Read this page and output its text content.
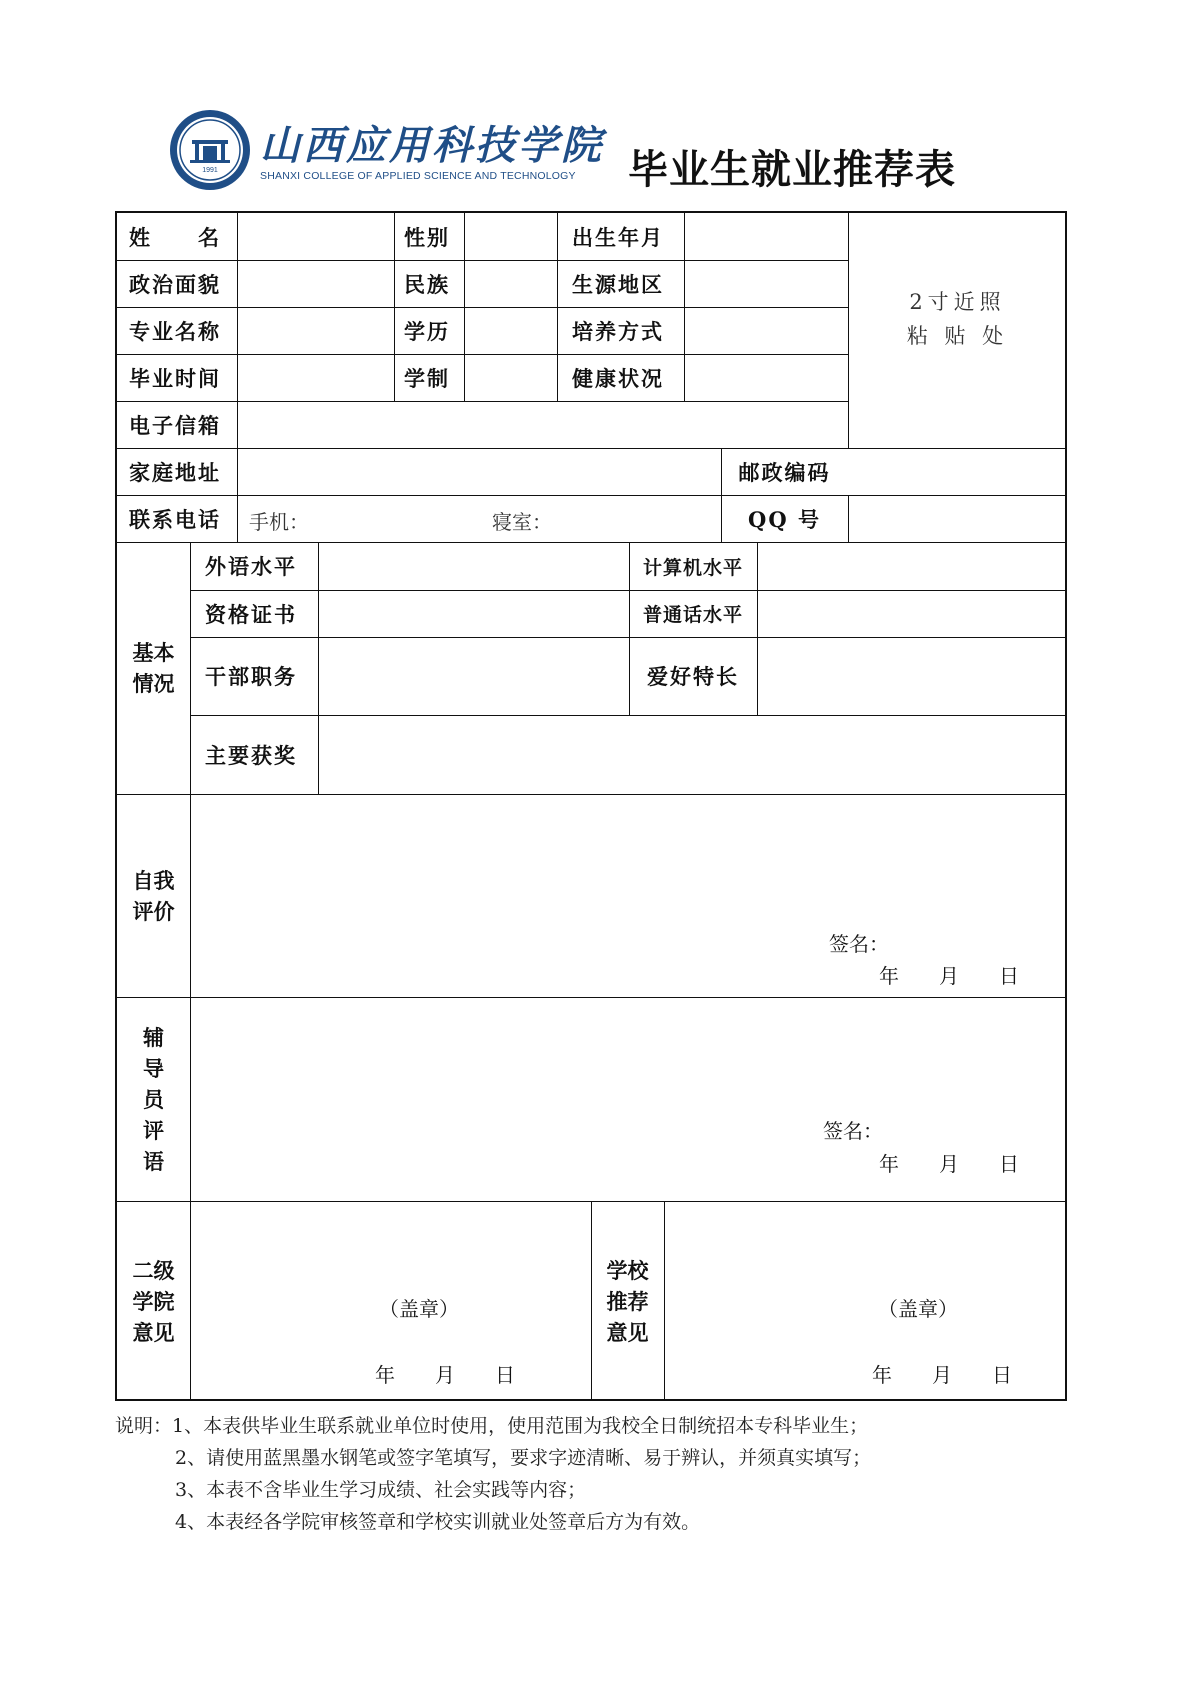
1991
山西应用科技学院
SHANXI COLLEGE OF APPLIED SCIENCE AND TECHNOLOGY 毕业生就业推荐表
姓　　名	性别	出生年月
政治面貌	民族	生源地区
专业名称	学历	培养方式
毕业时间	学制	健康状况
2寸近照
粘 贴 处
电子信箱
家庭地址	邮政编码
联系电话 手机：	寝室：	QQ 号
基本
情况
外语水平	计算机水平
资格证书	普通话水平
干部职务	爱好特长
主要获奖
自我
评价
签名：
年　　月　　日
辅
导
员
评
语
签名：
年　　月　　日
二级
学院
意见
（盖章）
年　　月　　日
学校
推荐
意见
（盖章）
年　　月　　日
说明：1、本表供毕业生联系就业单位时使用，使用范围为我校全日制统招本专科毕业生；
2、请使用蓝黑墨水钢笔或签字笔填写，要求字迹清晰、易于辨认，并须真实填写；
3、本表不含毕业生学习成绩、社会实践等内容；
4、本表经各学院审核签章和学校实训就业处签章后方为有效。
